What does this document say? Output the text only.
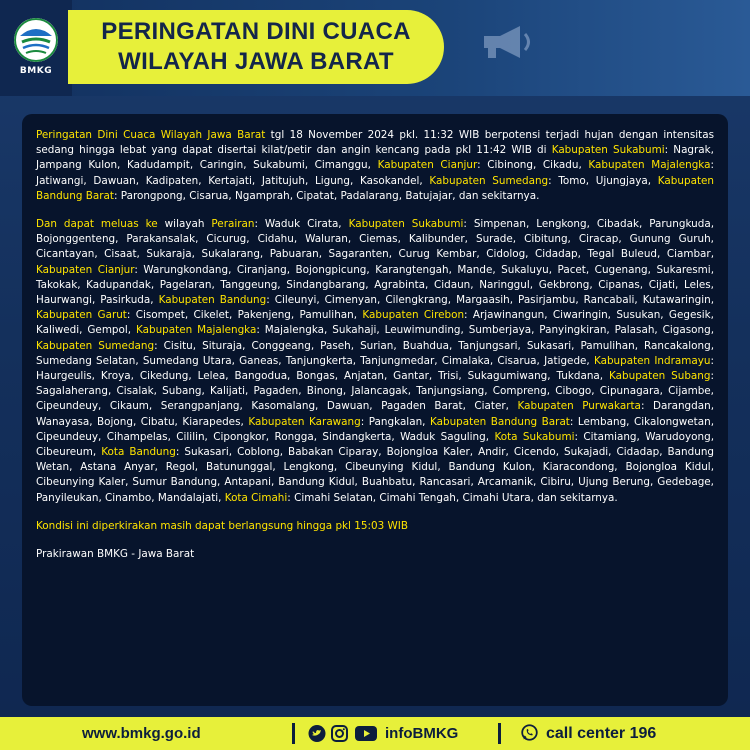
BMKG
PERINGATAN DINI CUACA
WILAYAH JAWA BARAT

Peringatan Dini Cuaca Wilayah Jawa Barat tgl 18 November 2024 pkl. 11:32 WIB berpotensi terjadi hujan dengan intensitas sedang hingga lebat yang dapat disertai kilat/petir dan angin kencang pada pkl 11:42 WIB di Kabupaten Sukabumi: Nagrak, Jampang Kulon, Kadudampit, Caringin, Sukabumi, Cimanggu, Kabupaten Cianjur: Cibinong, Cikadu, Kabupaten Majalengka: Jatiwangi, Dawuan, Kadipaten, Kertajati, Jatitujuh, Ligung, Kasokandel, Kabupaten Sumedang: Tomo, Ujungjaya, Kabupaten Bandung Barat: Parongpong, Cisarua, Ngamprah, Cipatat, Padalarang, Batujajar, dan sekitarnya.

Dan dapat meluas ke wilayah Perairan: Waduk Cirata, Kabupaten Sukabumi: Simpenan, Lengkong, Cibadak, Parungkuda, Bojonggenteng, Parakansalak, Cicurug, Cidahu, Waluran, Ciemas, Kalibunder, Surade, Cibitung, Ciracap, Gunung Guruh, Cicantayan, Cisaat, Sukaraja, Sukalarang, Pabuaran, Sagaranten, Curug Kembar, Cidolog, Cidadap, Tegal Buleud, Ciambar, Kabupaten Cianjur: Warungkondang, Ciranjang, Bojongpicung, Karangtengah, Mande, Sukaluyu, Pacet, Cugenang, Sukaresmi, Takokak, Kadupandak, Pagelaran, Tanggeung, Sindangbarang, Agrabinta, Cidaun, Naringgul, Gekbrong, Cipanas, Cijati, Leles, Haurwangi, Pasirkuda, Kabupaten Bandung: Cileunyi, Cimenyan, Cilengkrang, Margaasih, Pasirjambu, Rancabali, Kutawaringin, Kabupaten Garut: Cisompet, Cikelet, Pakenjeng, Pamulihan, Kabupaten Cirebon: Arjawinangun, Ciwaringin, Susukan, Gegesik, Kaliwedi, Gempol, Kabupaten Majalengka: Majalengka, Sukahaji, Leuwimunding, Sumberjaya, Panyingkiran, Palasah, Cigasong, Kabupaten Sumedang: Cisitu, Situraja, Conggeang, Paseh, Surian, Buahdua, Tanjungsari, Sukasari, Pamulihan, Rancakalong, Sumedang Selatan, Sumedang Utara, Ganeas, Tanjungkerta, Tanjungmedar, Cimalaka, Cisarua, Jatigede, Kabupaten Indramayu: Haurgeulis, Kroya, Cikedung, Lelea, Bangodua, Bongas, Anjatan, Gantar, Trisi, Sukagumiwang, Tukdana, Kabupaten Subang: Sagalaherang, Cisalak, Subang, Kalijati, Pagaden, Binong, Jalancagak, Tanjungsiang, Compreng, Cibogo, Cipunagara, Cijambe, Cipeundeuy, Cikaum, Serangpanjang, Kasomalang, Dawuan, Pagaden Barat, Ciater, Kabupaten Purwakarta: Darangdan, Wanayasa, Bojong, Cibatu, Kiarapedes, Kabupaten Karawang: Pangkalan, Kabupaten Bandung Barat: Lembang, Cikalongwetan, Cipeundeuy, Cihampelas, Cililin, Cipongkor, Rongga, Sindangkerta, Waduk Saguling, Kota Sukabumi: Citamiang, Warudoyong, Cibeureum, Kota Bandung: Sukasari, Coblong, Babakan Ciparay, Bojongloa Kaler, Andir, Cicendo, Sukajadi, Cidadap, Bandung Wetan, Astana Anyar, Regol, Batununggal, Lengkong, Cibeunying Kidul, Bandung Kulon, Kiaracondong, Bojongloa Kidul, Cibeunying Kaler, Sumur Bandung, Antapani, Bandung Kidul, Buahbatu, Rancasari, Arcamanik, Cibiru, Ujung Berung, Gedebage, Panyileukan, Cinambo, Mandalajati, Kota Cimahi: Cimahi Selatan, Cimahi Tengah, Cimahi Utara, dan sekitarnya.

Kondisi ini diperkirakan masih dapat berlangsung hingga pkl 15:03 WIB

Prakirawan BMKG - Jawa Barat

www.bmkg.go.id	infoBMKG	call center 196
